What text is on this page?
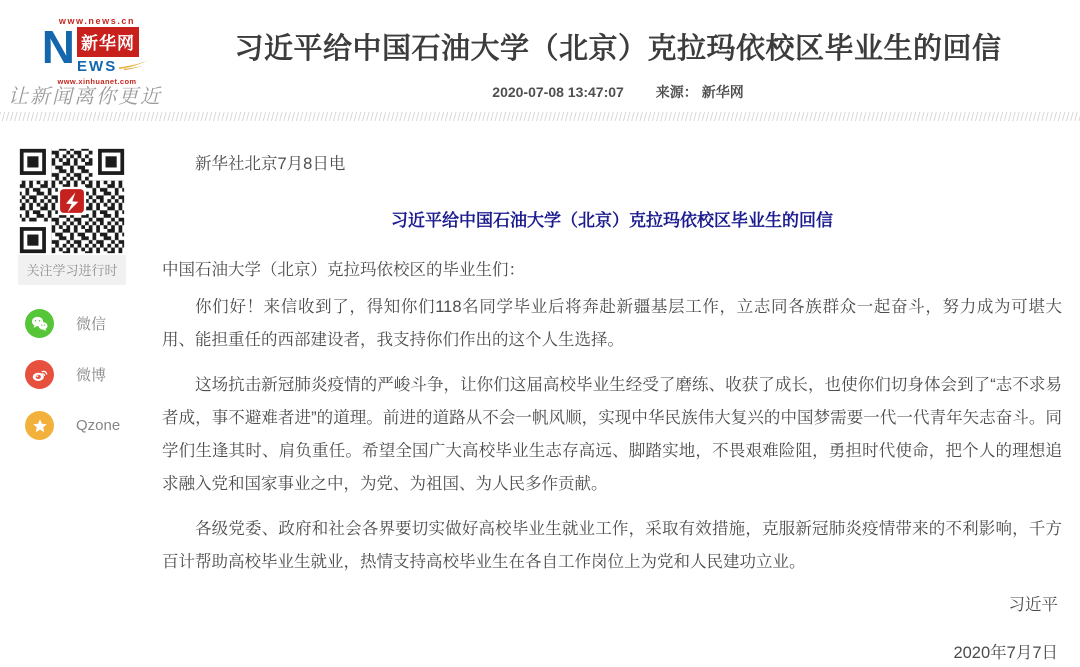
www.news.cn
N 新华网
EWS
www.xinhuanet.com
让新闻离你更近
习近平给中国石油大学（北京）克拉玛依校区毕业生的回信
2020-07-08 13:47:07 来源： 新华网
关注学习进行时
微信
微博
Qzone

新华社北京7月8日电

习近平给中国石油大学（北京）克拉玛依校区毕业生的回信

中国石油大学（北京）克拉玛依校区的毕业生们：

你们好！来信收到了，得知你们118名同学毕业后将奔赴新疆基层工作，立志同各族群众一起奋斗，努力成为可堪大用、能担重任的西部建设者，我支持你们作出的这个人生选择。

这场抗击新冠肺炎疫情的严峻斗争，让你们这届高校毕业生经受了磨练、收获了成长，也使你们切身体会到了“志不求易者成，事不避难者进”的道理。前进的道路从不会一帆风顺，实现中华民族伟大复兴的中国梦需要一代一代青年矢志奋斗。同学们生逢其时、肩负重任。希望全国广大高校毕业生志存高远、脚踏实地，不畏艰难险阻，勇担时代使命，把个人的理想追求融入党和国家事业之中，为党、为祖国、为人民多作贡献。

各级党委、政府和社会各界要切实做好高校毕业生就业工作，采取有效措施，克服新冠肺炎疫情带来的不利影响，千方百计帮助高校毕业生就业，热情支持高校毕业生在各自工作岗位上为党和人民建功立业。

习近平

2020年7月7日
